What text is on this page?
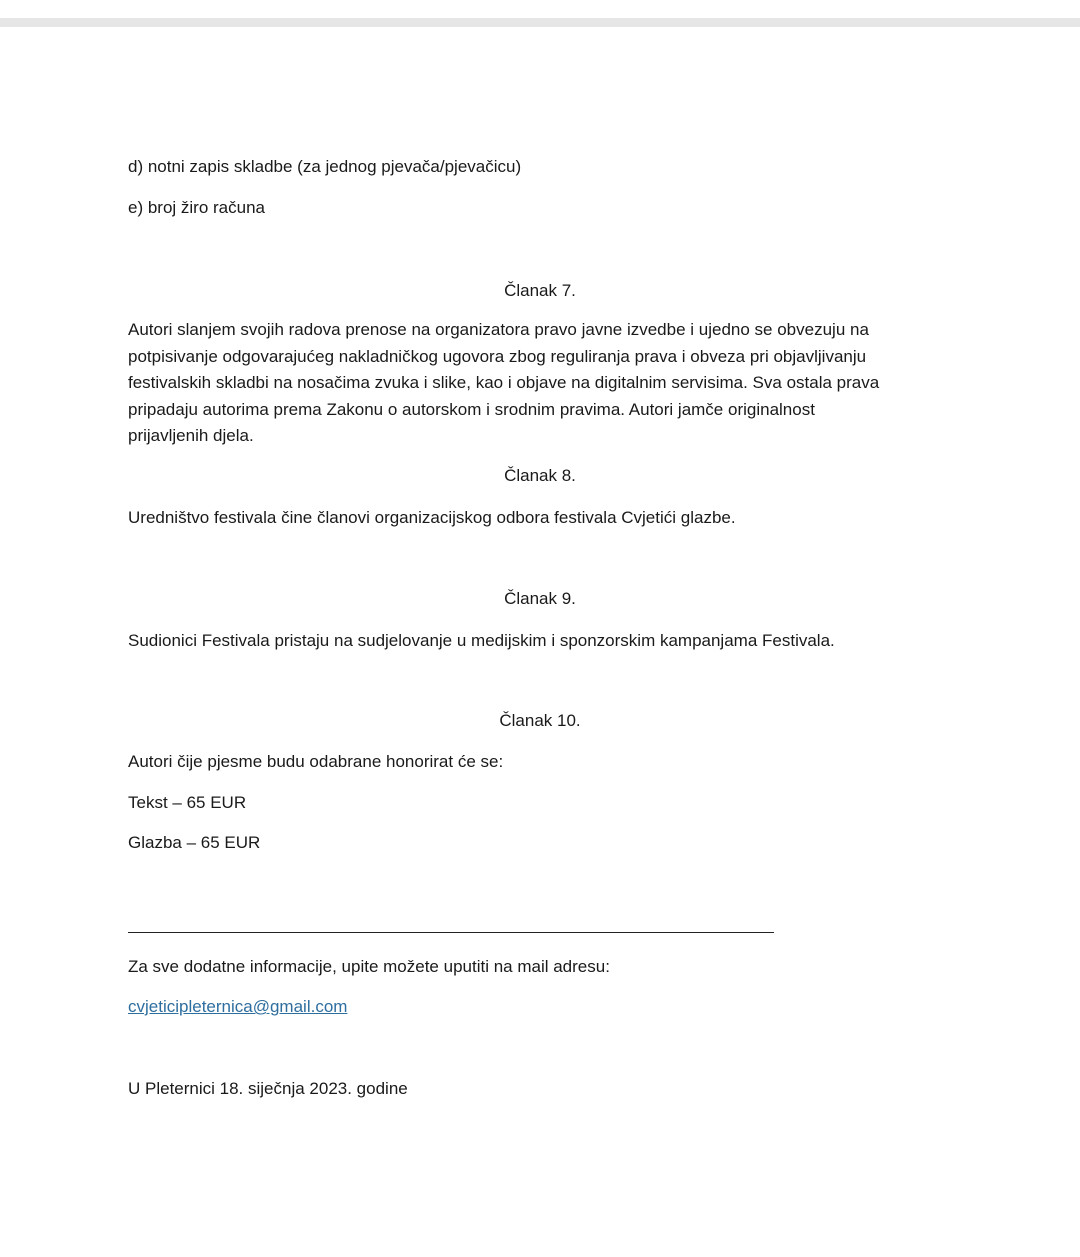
d) notni zapis skladbe (za jednog pjevača/pjevačicu)
e) broj žiro računa
Članak 7.
Autori slanjem svojih radova prenose na organizatora pravo javne izvedbe i ujedno se obvezuju na
potpisivanje odgovarajućeg nakladničkog ugovora zbog reguliranja prava i obveza pri objavljivanju
festivalskih skladbi na nosačima zvuka i slike, kao i objave na digitalnim servisima. Sva ostala prava
pripadaju autorima prema Zakonu o autorskom i srodnim pravima. Autori jamče originalnost
prijavljenih djela.
Članak 8.
Uredništvo festivala čine članovi organizacijskog odbora festivala Cvjetići glazbe.
Članak 9.
Sudionici Festivala pristaju na sudjelovanje u medijskim i sponzorskim kampanjama Festivala.
Članak 10.
Autori čije pjesme budu odabrane honorirat će se:
Tekst – 65 EUR
Glazba – 65 EUR
Za sve dodatne informacije, upite možete uputiti na mail adresu:
cvjeticipleternica@gmail.com
U Pleternici 18. siječnja 2023. godine
